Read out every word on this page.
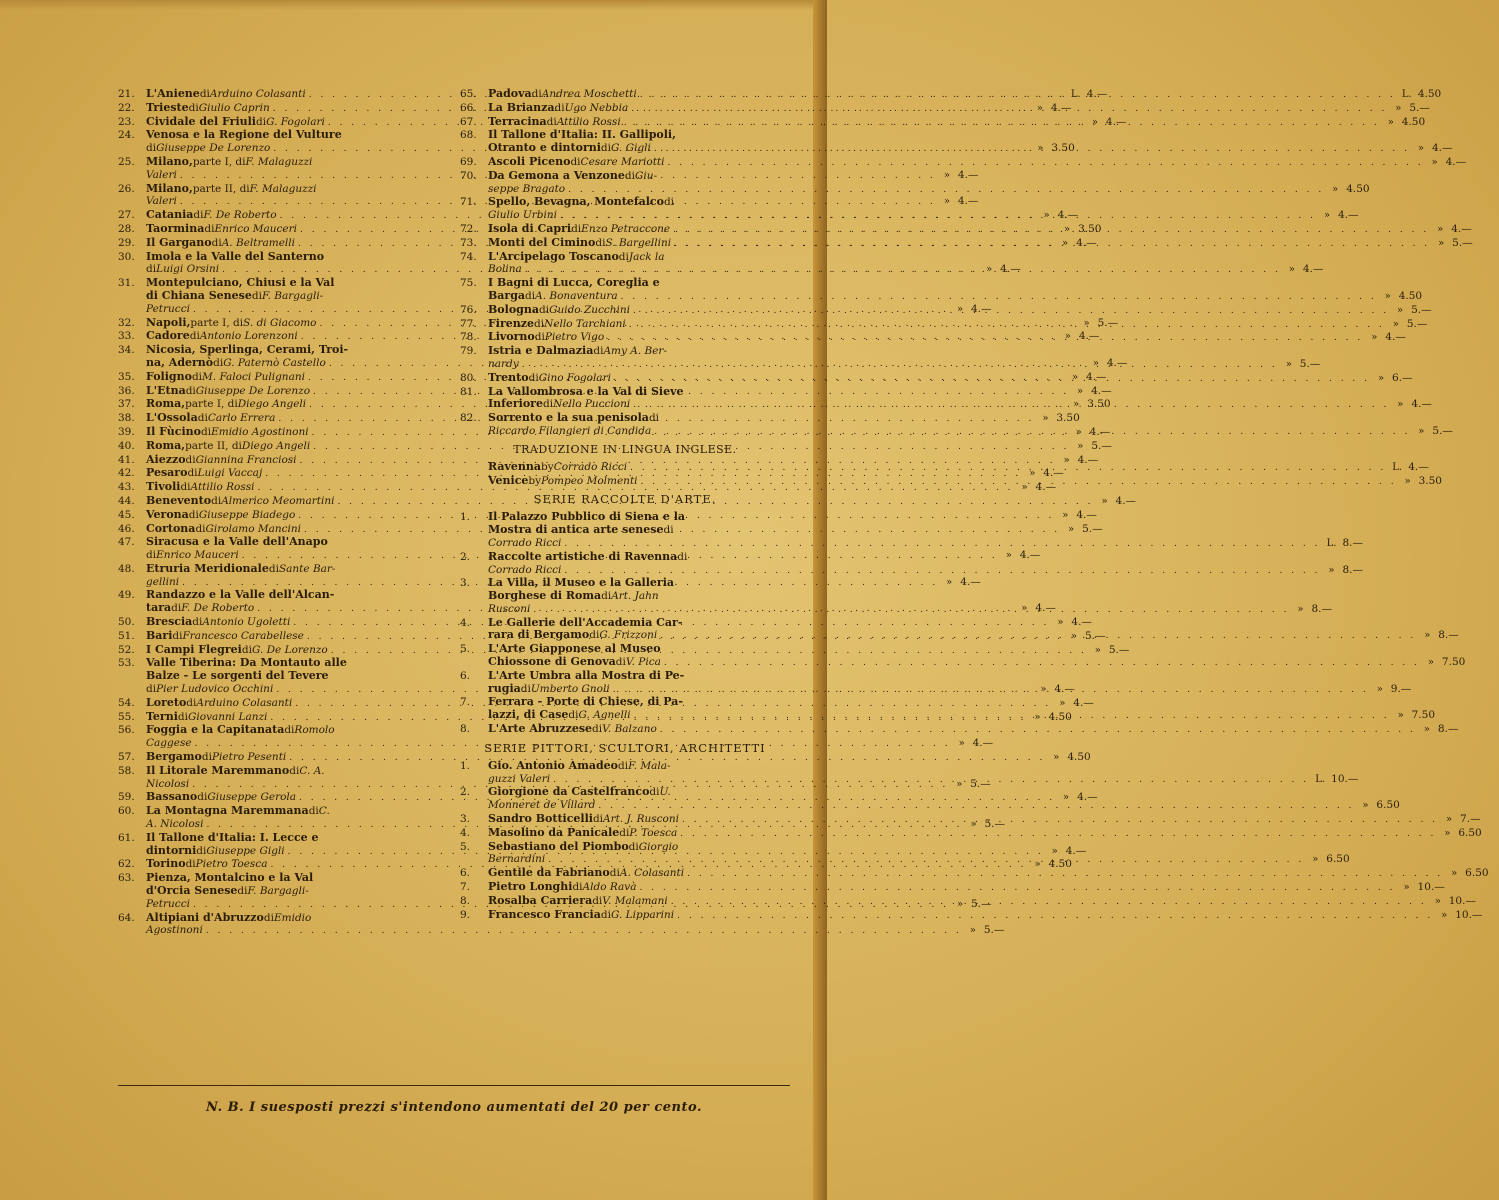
21.	L'Aniene di Arduino Colasanti . . .	L. 4.—
22.	Trieste di Giulio Caprin . . .	» 4.—
23.	Cividale del Friuli di G. Fogolari . . .	» 4.—
24.	Venosa e la Regione del Vulture
di Giuseppe De Lorenzo . . .	» 3.50
25.	Milano, parte I, di F. Malaguzzi
Valeri . . .	» 4.—
26.	Milano, parte II, di F. Malaguzzi
Valeri . . .	» 4.—
27.	Catania di F. De Roberto . . .	» 4.—
28.	Taormina di Enrico Mauceri . . .	» 3.50
29.	Il Gargano di A. Beltramelli . . .	» 4.—
30.	Imola e la Valle del Santerno
di Luigi Orsini . . .	» 4.—
31.	Montepulciano, Chiusi e la Val
di Chiana Senese di F. Bargagli-
Petrucci . . .	» 4.—
32.	Napoli, parte I, di S. di Giacomo . . .	» 5.—
33.	Cadore di Antonio Lorenzoni . . .	» 4.—
34.	Nicosia, Sperlinga, Cerami, Troi-
na, Adernò di G. Paternò Castello . . .	» 4.—
35.	Foligno di M. Faloci Pulignani . . .	» 4.—
36.	L'Etna di Giuseppe De Lorenzo . . .	» 4.—
37.	Roma, parte I, di Diego Angeli . . .	» 3.50
38.	L'Ossola di Carlo Errera . . .	» 3.50
39.	Il Fùcino di Emidio Agostinoni . . .	» 4.—
40.	Roma, parte II, di Diego Angeli . . .	» 5.—
41.	Aiezzo di Giannina Franciosi . . .	» 4.—
42.	Pesaro di Luigi Vaccaj . . .	» 4.—
43.	Tivoli di Attilio Rossi . . .	» 4.—
44.	Benevento di Almerico Meomartini . . .	» 4.—
45.	Verona di Giuseppe Biadego . . .	» 4.—
46.	Cortona di Girolamo Mancini . . .	» 5.—
47.	Siracusa e la Valle dell'Anapo
di Enrico Mauceri . . .	» 4.—
48.	Etruria Meridionale di Sante Bar-
gellini . . .	» 4.—
49.	Randazzo e la Valle dell'Alcan-
tara di F. De Roberto . . .	» 4.—
50.	Brescia di Antonio Ugoletti . . .	» 4.—
51.	Bari di Francesco Carabellese . . .	» 5.—
52.	I Campi Flegrei di G. De Lorenzo . . .	» 5.—
53.	Valle Tiberina: Da Montauto alle
Balze - Le sorgenti del Tevere
di Pier Ludovico Occhini . . .	» 4.—
54.	Loreto di Arduino Colasanti . . .	» 4.—
55.	Terni di Giovanni Lanzi . . .	» 4.50
56.	Foggia e la Capitanata di Romolo
Caggese . . .	» 4.—
57.	Bergamo di Pietro Pesenti . . .	» 4.50
58.	Il Litorale Maremmano di C. A.
Nicolosi . . .	» 5.—
59.	Bassano di Giuseppe Gerola . . .	» 4.—
60.	La Montagna Maremmana di C.
A. Nicolosi . . .	» 5.—
61.	Il Tallone d'Italia: I. Lecce e
dintorni di Giuseppe Gigli . . .	» 4.—
62.	Torino di Pietro Toesca . . .	» 4.50
63.	Pienza, Montalcino e la Val
d'Orcia Senese di F. Bargagli-
Petrucci . . .	» 5.—
64.	Altipiani d'Abruzzo di Emidio
Agostinoni . . .	» 5.—
65.	Padova di Andrea Moschetti . . .	L. 4.50
66.	La Brianza di Ugo Nebbia . . .	» 5.—
67.	Terracina di Attilio Rossi . . .	» 4.50
68.	Il Tallone d'Italia: II. Gallipoli,
Otranto e dintorni di G. Gigli . . .	» 4.—
69.	Ascoli Piceno di Cesare Mariotti . . .	» 4.—
70.	Da Gemona a Venzone di Giu-
seppe Bragato . . .	» 4.50
71.	Spello, Bevagna, Montefalco di
Giulio Urbini . . .	» 4.—
72.	Isola di Capri di Enzo Petraccone . . .	» 4.—
73.	Monti del Cimino di S. Bargellini . . .	» 5.—
74.	L'Arcipelago Toscano di Jack la
Bolina . . .	» 4.—
75.	I Bagni di Lucca, Coreglia e
Barga di A. Bonaventura . . .	» 4.50
76.	Bologna di Guido Zucchini . . .	» 5.—
77.	Firenze di Nello Tarchiani . . .	» 5.—
78.	Livorno di Pietro Vigo . . .	» 4.—
79.	Istria e Dalmazia di Amy A. Ber-
nardy . . .	» 5.—
80.	Trento di Gino Fogolari . . .	» 6.—
81.	La Vallombrosa e la Val di Sieve
Inferiore di Nello Puccioni . . .	» 4.—
82.	Sorrento e la sua penisola di
Riccardo Filangieri di Candida . . .	» 5.—
TRADUZIONE IN LINGUA INGLESE.
Ravenna by Corrado Ricci . . .	L. 4.—
Venice by Pompeo Molmenti . . .	» 3.50
SERIE RACCOLTE D'ARTE.
1.	Il Palazzo Pubblico di Siena e la
Mostra di antica arte senese di
Corrado Ricci . . .	L. 8.—
2.	Raccolte artistiche di Ravenna di
Corrado Ricci . . .	» 8.—
3.	La Villa, il Museo e la Galleria
Borghese di Roma di Art. Jahn
Rusconi . . .	» 8.—
4.	Le Gallerie dell'Accademia Car-
rara di Bergamo di G. Frizzoni . . .	» 8.—
5.	L'Arte Giapponese al Museo
Chiossone di Genova di V. Pica . . .	» 7.50
6.	L'Arte Umbra alla Mostra di Pe-
rugia di Umberto Gnoli . . .	» 9.—
7.	Ferrara - Porte di Chiese, di Pa-
lazzi, di Case di G. Agnelli . . .	» 7.50
8.	L'Arte Abruzzese di V. Balzano . . .	» 8.—
SERIE PITTORI, SCULTORI, ARCHITETTI
1.	Gio. Antonio Amadeo di F. Mala-
guzzi Valeri . . .	L. 10.—
2.	Giorgione da Castelfranco di U.
Monneret de Villard . . .	» 6.50
3.	Sandro Botticelli di Art. J. Rusconi . . .	» 7.—
4.	Masolino da Panicale di P. Toesca . . .	» 6.50
5.	Sebastiano del Piombo di Giorgio
Bernardini . . .	» 6.50
6.	Gentile da Fabriano di A. Colasanti . . .	» 6.50
7.	Pietro Longhi di Aldo Ravà . . .	» 10.—
8.	Rosalba Carriera di V. Malamani . . .	» 10.—
9.	Francesco Francia di G. Lipparini . . .	» 10.—
N. B. I suesposti prezzi s'intendono aumentati del 20 per cento.
